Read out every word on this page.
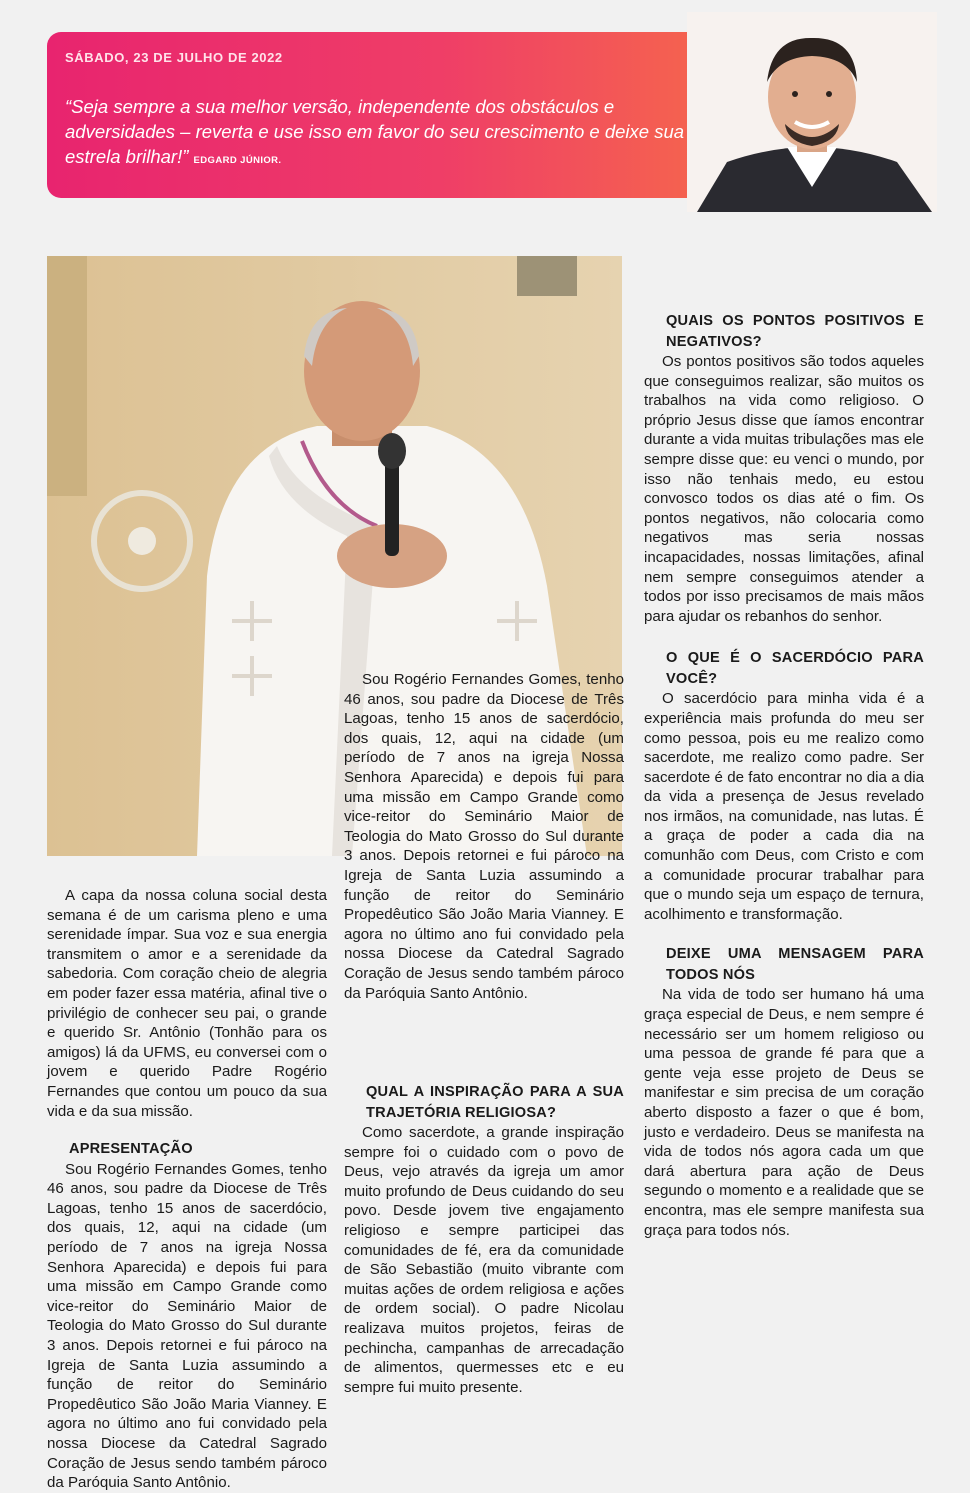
SÁBADO, 23 DE JULHO DE 2022
“Seja sempre a sua melhor versão, independente dos obstáculos e adversidades – reverta e use isso em favor do seu crescimento e deixe sua estrela brilhar!” EDGARD JÚNIOR.

A capa da nossa coluna social desta semana é de um carisma pleno e uma serenidade ímpar. Sua voz e sua energia transmitem o amor e a serenidade da sabedoria. Com coração cheio de alegria em poder fazer essa matéria, afinal tive o privilégio de conhecer seu pai, o grande e querido Sr. Antônio (Tonhão para os amigos) lá da UFMS, eu conversei com o jovem e querido Padre Rogério Fernandes que contou um pouco da sua vida e da sua missão.

APRESENTAÇÃO

Sou Rogério Fernandes Gomes, tenho 46 anos, sou padre da Diocese de Três Lagoas, tenho 15 anos de sacerdócio, dos quais, 12, aqui na cidade (um período de 7 anos na igreja Nossa Senhora Aparecida) e depois fui para uma missão em Campo Grande como vice-reitor do Seminário Maior de Teologia do Mato Grosso do Sul durante 3 anos. Depois retornei e fui pároco na Igreja de Santa Luzia assumindo a função de reitor do Seminário Propedêutico São João Maria Vianney. E agora no último ano fui convidado pela nossa Diocese da Catedral Sagrado Coração de Jesus sendo também pároco da Paróquia Santo Antônio.

Sou Rogério Fernandes Gomes, tenho 46 anos, sou padre da Diocese de Três Lagoas, tenho 15 anos de sacerdócio, dos quais, 12, aqui na cidade (um período de 7 anos na igreja Nossa Senhora Aparecida) e depois fui para uma missão em Campo Grande como vice-reitor do Seminário Maior de Teologia do Mato Grosso do Sul durante 3 anos. Depois retornei e fui pároco na Igreja de Santa Luzia assumindo a função de reitor do Seminário Propedêutico São João Maria Vianney. E agora no último ano fui convidado pela nossa Diocese da Catedral Sagrado Coração de Jesus sendo também pároco da Paróquia Santo Antônio.

QUAL A INSPIRAÇÃO PARA A SUA TRAJETÓRIA RELIGIOSA?

Como sacerdote, a grande inspiração sempre foi o cuidado com o povo de Deus, vejo através da igreja um amor muito profundo de Deus cuidando do seu povo. Desde jovem tive engajamento religioso e sempre participei das comunidades de fé, era da comunidade de São Sebastião (muito vibrante com muitas ações de ordem religiosa e ações de ordem social). O padre Nicolau realizava muitos projetos, feiras de pechincha, campanhas de arrecadação de alimentos, quermesses etc e eu sempre fui muito presente.

QUAIS OS PONTOS POSITIVOS E NEGATIVOS?

Os pontos positivos são todos aqueles que conseguimos realizar, são muitos os trabalhos na vida como religioso. O próprio Jesus disse que íamos encontrar durante a vida muitas tribulações mas ele sempre disse que: eu venci o mundo, por isso não tenhais medo, eu estou convosco todos os dias até o fim. Os pontos negativos, não colocaria como negativos mas seria nossas incapacidades, nossas limitações, afinal nem sempre conseguimos atender a todos por isso precisamos de mais mãos para ajudar os rebanhos do senhor.

O QUE É O SACERDÓCIO PARA VOCÊ?

O sacerdócio para minha vida é a experiência mais profunda do meu ser como pessoa, pois eu me realizo como sacerdote, me realizo como padre. Ser sacerdote é de fato encontrar no dia a dia da vida a presença de Jesus revelado nos irmãos, na comunidade, nas lutas. É a graça de poder a cada dia na comunhão com Deus, com Cristo e com a comunidade procurar trabalhar para que o mundo seja um espaço de ternura, acolhimento e transformação.

DEIXE UMA MENSAGEM PARA TODOS NÓS

Na vida de todo ser humano há uma graça especial de Deus, e nem sempre é necessário ser um homem religioso ou uma pessoa de grande fé para que a gente veja esse projeto de Deus se manifestar e sim precisa de um coração aberto disposto a fazer o que é bom, justo e verdadeiro. Deus se manifesta na vida de todos nós agora cada um que dará abertura para ação de Deus segundo o momento e a realidade que se encontra, mas ele sempre manifesta sua graça para todos nós.
